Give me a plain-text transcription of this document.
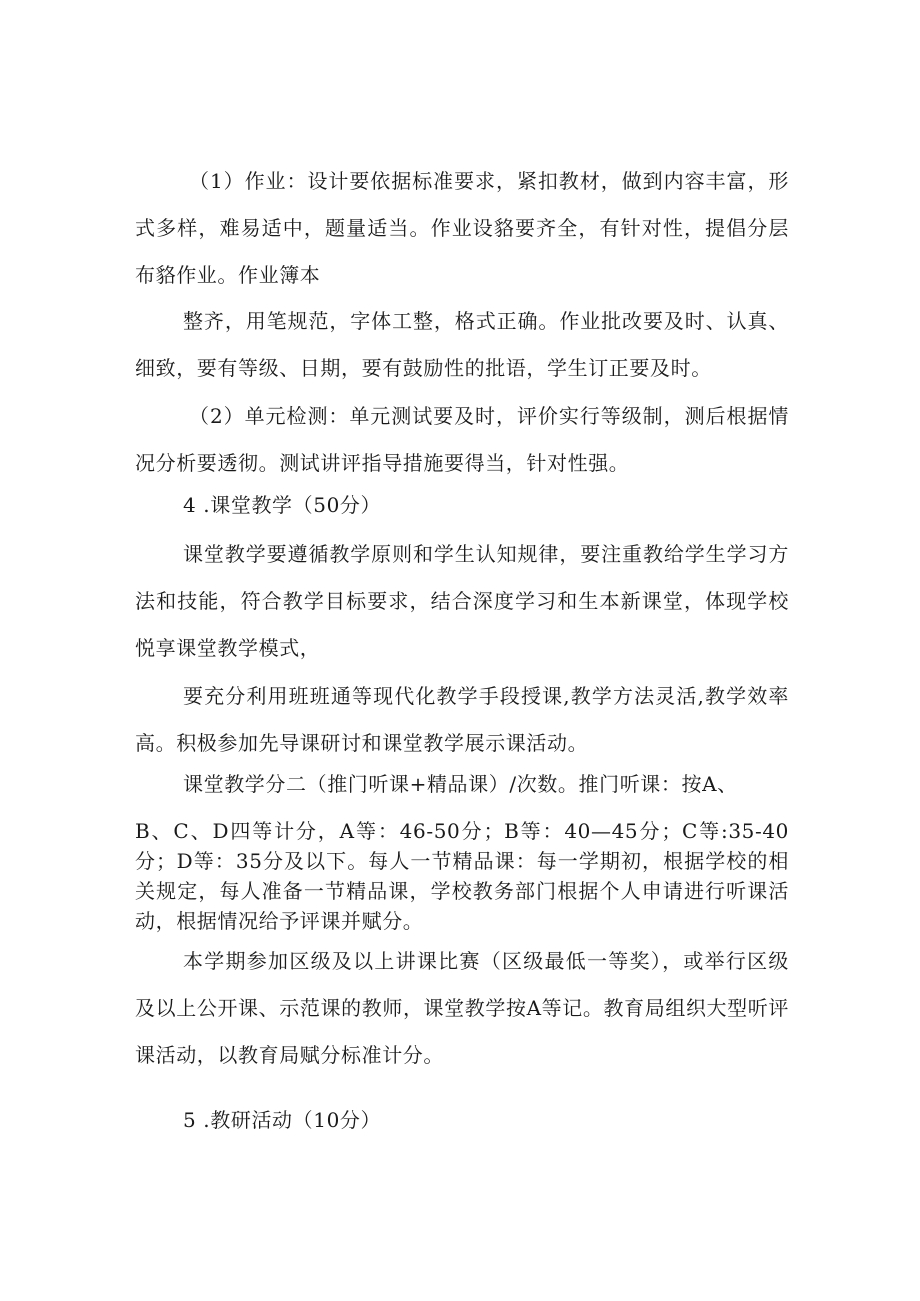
（1）作业：设计要依据标准要求，紧扣教材，做到内容丰富，形式多样，难易适中，题量适当。作业设貉要齐全，有针对性，提倡分层布貉作业。作业簿本

整齐，用笔规范，字体工整，格式正确。作业批改要及时、认真、细致，要有等级、日期，要有鼓励性的批语，学生订正要及时。

（2）单元检测：单元测试要及时，评价实行等级制，测后根据情况分析要透彻。测试讲评指导措施要得当，针对性强。

4 .课堂教学（50分）

课堂教学要遵循教学原则和学生认知规律，要注重教给学生学习方法和技能，符合教学目标要求，结合深度学习和生本新课堂，体现学校悦享课堂教学模式，

要充分利用班班通等现代化教学手段授课,教学方法灵活,教学效率高。积极参加先导课研讨和课堂教学展示课活动。

课堂教学分二（推门听课+精品课）/次数。推门听课：按A、

B、C、D四等计分，A等：46-50分；B等：40—45分；C等:35-40分；D等：35分及以下。每人一节精品课：每一学期初，根据学校的相关规定，每人准备一节精品课，学校教务部门根据个人申请进行听课活动，根据情况给予评课并赋分。

本学期参加区级及以上讲课比赛（区级最低一等奖），或举行区级及以上公开课、示范课的教师，课堂教学按A等记。教育局组织大型听评课活动，以教育局赋分标准计分。

5 .教研活动（10分）
